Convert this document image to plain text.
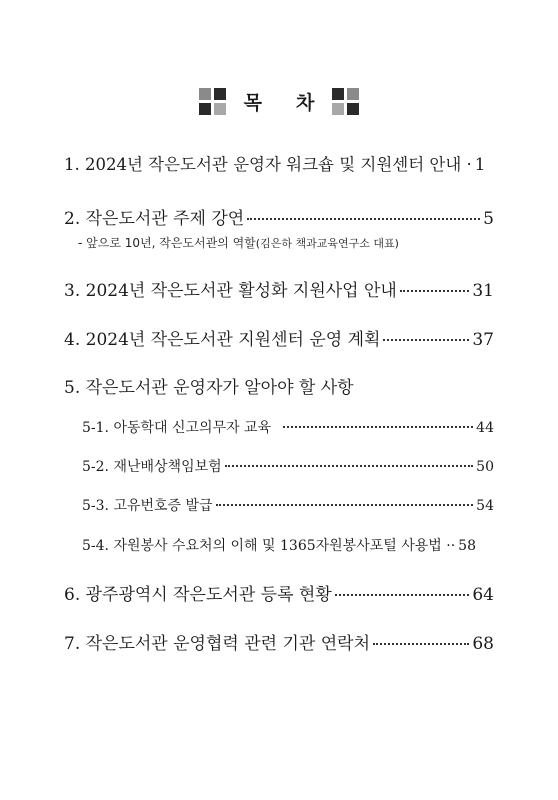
목 차
1. 2024년 작은도서관 운영자 워크숍 및 지원센터 안내 · 1
2. 작은도서관 주제 강연	5
- 앞으로 10년, 작은도서관의 역할(김은하 책과교육연구소 대표)
3. 2024년 작은도서관 활성화 지원사업 안내	31
4. 2024년 작은도서관 지원센터 운영 계획	37
5. 작은도서관 운영자가 알아야 할 사항
5-1. 아동학대 신고의무자 교육	44
5-2. 재난배상책임보험	50
5-3. 고유번호증 발급	54
5-4. 자원봉사 수요처의 이해 및 1365자원봉사포털 사용법 ·· 58
6. 광주광역시 작은도서관 등록 현황	64
7. 작은도서관 운영협력 관련 기관 연락처	68
